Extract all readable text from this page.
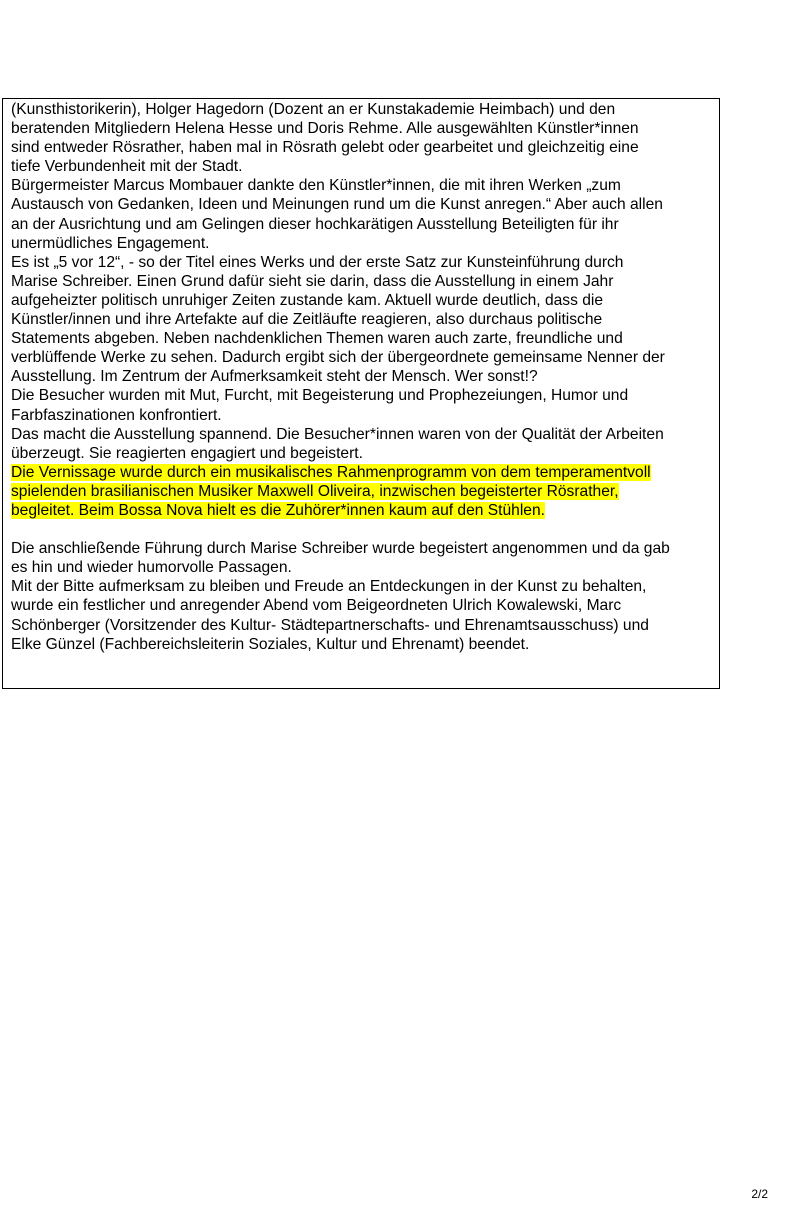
(Kunsthistorikerin), Holger Hagedorn (Dozent an er Kunstakademie Heimbach) und den
beratenden Mitgliedern Helena Hesse und Doris Rehme. Alle ausgewählten Künstler*innen
sind entweder Rösrather, haben mal in Rösrath gelebt oder gearbeitet und gleichzeitig eine
tiefe Verbundenheit mit der Stadt.
Bürgermeister Marcus Mombauer dankte den Künstler*innen, die mit ihren Werken „zum
Austausch von Gedanken, Ideen und Meinungen rund um die Kunst anregen.“ Aber auch allen
an der Ausrichtung und am Gelingen dieser hochkarätigen Ausstellung Beteiligten für ihr
unermüdliches Engagement.
Es ist „5 vor 12“, - so der Titel eines Werks und der erste Satz zur Kunsteinführung durch
Marise Schreiber. Einen Grund dafür sieht sie darin, dass die Ausstellung in einem Jahr
aufgeheizter politisch unruhiger Zeiten zustande kam. Aktuell wurde deutlich, dass die
Künstler/innen und ihre Artefakte auf die Zeitläufte reagieren, also durchaus politische
Statements abgeben. Neben nachdenklichen Themen waren auch zarte, freundliche und
verblüffende Werke zu sehen. Dadurch ergibt sich der übergeordnete gemeinsame Nenner der
Ausstellung. Im Zentrum der Aufmerksamkeit steht der Mensch. Wer sonst!?
Die Besucher wurden mit Mut, Furcht, mit Begeisterung und Prophezeiungen, Humor und
Farbfaszinationen konfrontiert.
Das macht die Ausstellung spannend. Die Besucher*innen waren von der Qualität der Arbeiten
überzeugt. Sie reagierten engagiert und begeistert.
Die Vernissage wurde durch ein musikalisches Rahmenprogramm von dem temperamentvoll
spielenden brasilianischen Musiker Maxwell Oliveira, inzwischen begeisterter Rösrather,
begleitet. Beim Bossa Nova hielt es die Zuhörer*innen kaum auf den Stühlen.
Die anschließende Führung durch Marise Schreiber wurde begeistert angenommen und da gab
es hin und wieder humorvolle Passagen.
Mit der Bitte aufmerksam zu bleiben und Freude an Entdeckungen in der Kunst zu behalten,
wurde ein festlicher und anregender Abend vom Beigeordneten Ulrich Kowalewski, Marc
Schönberger (Vorsitzender des Kultur- Städtepartnerschafts- und Ehrenamtsausschuss) und
Elke Günzel (Fachbereichsleiterin Soziales, Kultur und Ehrenamt) beendet.
2/2
